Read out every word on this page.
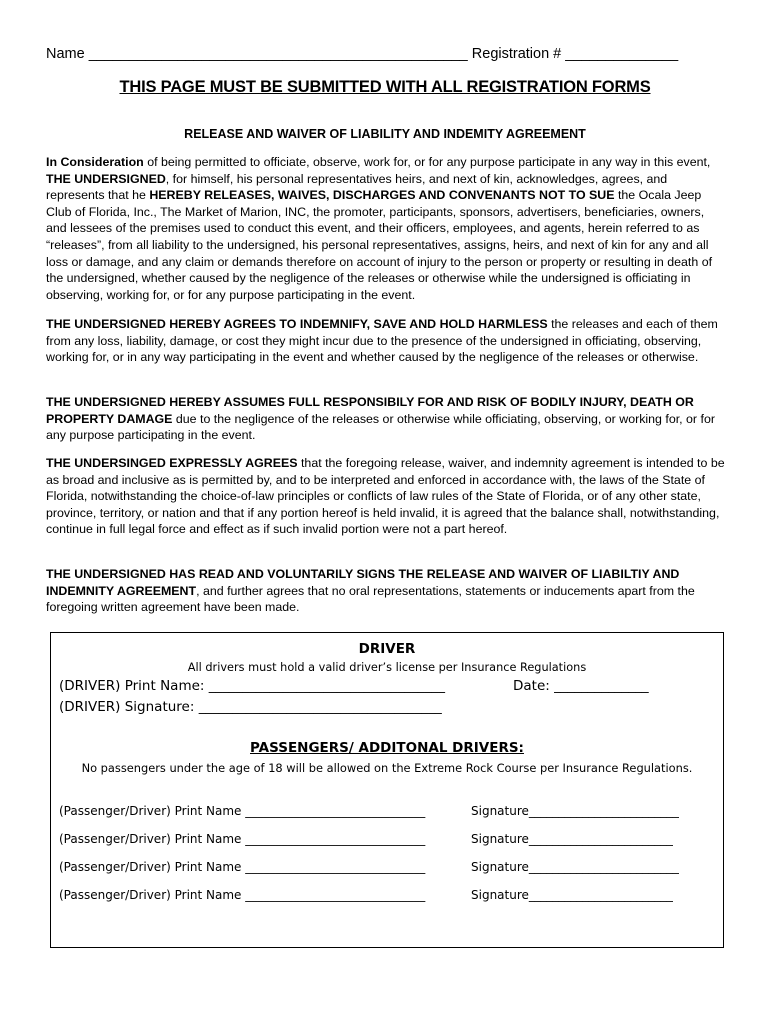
Name _______________________________________________ Registration # ______________
THIS PAGE MUST BE SUBMITTED WITH ALL REGISTRATION FORMS
RELEASE AND WAIVER OF LIABILITY AND INDEMITY AGREEMENT

In Consideration of being permitted to officiate, observe, work for, or for any purpose participate in any way in this event, THE UNDERSIGNED, for himself, his personal representatives heirs, and next of kin, acknowledges, agrees, and represents that he HEREBY RELEASES, WAIVES, DISCHARGES AND CONVENANTS NOT TO SUE the Ocala Jeep Club of Florida, Inc., The Market of Marion, INC, the promoter, participants, sponsors, advertisers, beneficiaries, owners, and lessees of the premises used to conduct this event, and their officers, employees, and agents, herein referred to as “releases”, from all liability to the undersigned, his personal representatives, assigns, heirs, and next of kin for any and all loss or damage, and any claim or demands therefore on account of injury to the person or property or resulting in death of the undersigned, whether caused by the negligence of the releases or otherwise while the undersigned is officiating in observing, working for, or for any purpose participating in the event.

THE UNDERSIGNED HEREBY AGREES TO INDEMNIFY, SAVE AND HOLD HARMLESS the releases and each of them from any loss, liability, damage, or cost they might incur due to the presence of the undersigned in officiating, observing, working for, or in any way participating in the event and whether caused by the negligence of the releases or otherwise.

THE UNDERSIGNED HEREBY ASSUMES FULL RESPONSIBILY FOR AND RISK OF BODILY INJURY, DEATH OR PROPERTY DAMAGE due to the negligence of the releases or otherwise while officiating, observing, or working for, or for any purpose participating in the event.

THE UNDERSINGED EXPRESSLY AGREES that the foregoing release, waiver, and indemnity agreement is intended to be as broad and inclusive as is permitted by, and to be interpreted and enforced in accordance with, the laws of the State of Florida, notwithstanding the choice-of-law principles or conflicts of law rules of the State of Florida, or of any other state, province, territory, or nation and that if any portion hereof is held invalid, it is agreed that the balance shall, notwithstanding, continue in full legal force and effect as if such invalid portion were not a part hereof.

THE UNDERSIGNED HAS READ AND VOLUNTARILY SIGNS THE RELEASE AND WAIVER OF LIABILTIY AND INDEMNITY AGREEMENT, and further agrees that no oral representations, statements or inducements apart from the foregoing written agreement have been made.

DRIVER
All drivers must hold a valid driver’s license per Insurance Regulations
(DRIVER) Print Name: ___________________________________	Date: ______________
(DRIVER) Signature: ____________________________________
PASSENGERS/ ADDITONAL DRIVERS:
No passengers under the age of 18 will be allowed on the Extreme Rock Course per Insurance Regulations.
(Passenger/Driver) Print Name ______________________________	Signature_________________________
(Passenger/Driver) Print Name ______________________________	Signature________________________
(Passenger/Driver) Print Name ______________________________	Signature_________________________
(Passenger/Driver) Print Name ______________________________	Signature________________________
